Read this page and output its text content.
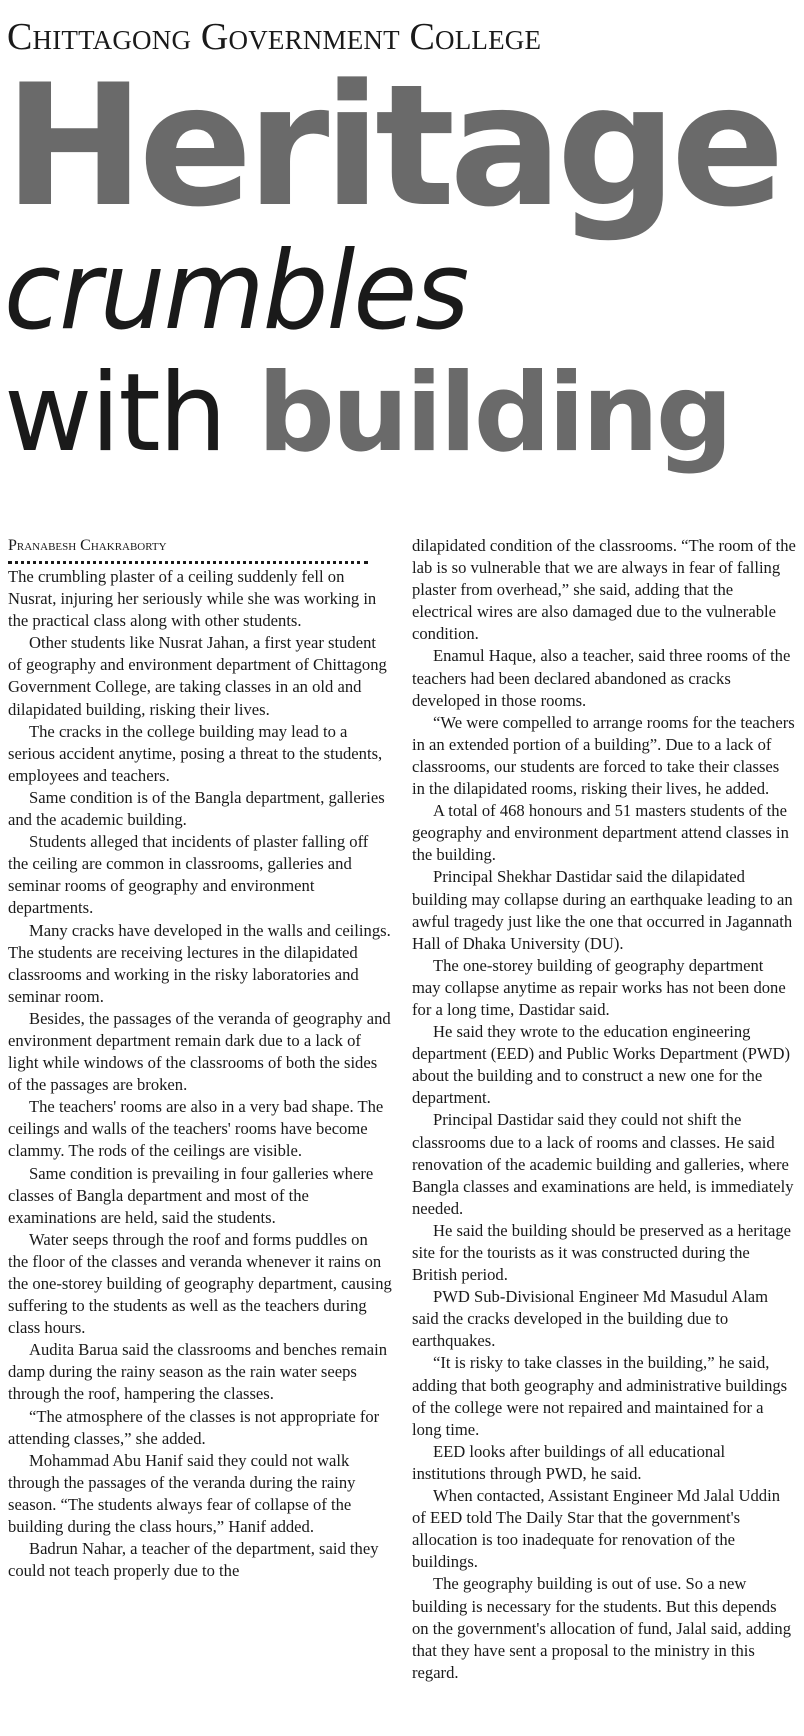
Chittagong Government College
Heritage
crumbles
with building
Pranabesh Chakraborty

The crumbling plaster of a ceiling suddenly fell on Nusrat, injuring her seriously while she was working in the practical class along with other students.

Other students like Nusrat Jahan, a first year student of geography and environment department of Chittagong Government College, are taking classes in an old and dilapidated building, risking their lives.

The cracks in the college building may lead to a serious accident anytime, posing a threat to the students, employees and teachers.

Same condition is of the Bangla department, galleries and the academic building.

Students alleged that incidents of plaster falling off the ceiling are common in classrooms, galleries and seminar rooms of geography and environment departments.

Many cracks have developed in the walls and ceilings. The students are receiving lectures in the dilapidated classrooms and working in the risky laboratories and seminar room.

Besides, the passages of the veranda of geography and environment department remain dark due to a lack of light while windows of the classrooms of both the sides of the passages are broken.

The teachers' rooms are also in a very bad shape. The ceilings and walls of the teachers' rooms have become clammy. The rods of the ceilings are visible.

Same condition is prevailing in four galleries where classes of Bangla department and most of the examinations are held, said the students.

Water seeps through the roof and forms puddles on the floor of the classes and veranda whenever it rains on the one-storey building of geography department, causing suffering to the students as well as the teachers during class hours.

Audita Barua said the classrooms and benches remain damp during the rainy season as the rain water seeps through the roof, hampering the classes.

“The atmosphere of the classes is not appropriate for attending classes,” she added.

Mohammad Abu Hanif said they could not walk through the passages of the veranda during the rainy season. “The students always fear of collapse of the building during the class hours,” Hanif added.

Badrun Nahar, a teacher of the department, said they could not teach properly due to the

dilapidated condition of the classrooms. “The room of the lab is so vulnerable that we are always in fear of falling plaster from overhead,” she said, adding that the electrical wires are also damaged due to the vulnerable condition.

Enamul Haque, also a teacher, said three rooms of the teachers had been declared abandoned as cracks developed in those rooms.

“We were compelled to arrange rooms for the teachers in an extended portion of a building”. Due to a lack of classrooms, our students are forced to take their classes in the dilapidated rooms, risking their lives, he added.

A total of 468 honours and 51 masters students of the geography and environment department attend classes in the building.

Principal Shekhar Dastidar said the dilapidated building may collapse during an earthquake leading to an awful tragedy just like the one that occurred in Jagannath Hall of Dhaka University (DU).

The one-storey building of geography department may collapse anytime as repair works has not been done for a long time, Dastidar said.

He said they wrote to the education engineering department (EED) and Public Works Department (PWD) about the building and to construct a new one for the department.

Principal Dastidar said they could not shift the classrooms due to a lack of rooms and classes. He said renovation of the academic building and galleries, where Bangla classes and examinations are held, is immediately needed.

He said the building should be preserved as a heritage site for the tourists as it was constructed during the British period.

PWD Sub-Divisional Engineer Md Masudul Alam said the cracks developed in the building due to earthquakes.

“It is risky to take classes in the building,” he said, adding that both geography and administrative buildings of the college were not repaired and maintained for a long time.

EED looks after buildings of all educational institutions through PWD, he said.

When contacted, Assistant Engineer Md Jalal Uddin of EED told The Daily Star that the government's allocation is too inadequate for renovation of the buildings.

The geography building is out of use. So a new building is necessary for the students. But this depends on the government's allocation of fund, Jalal said, adding that they have sent a proposal to the ministry in this regard.
